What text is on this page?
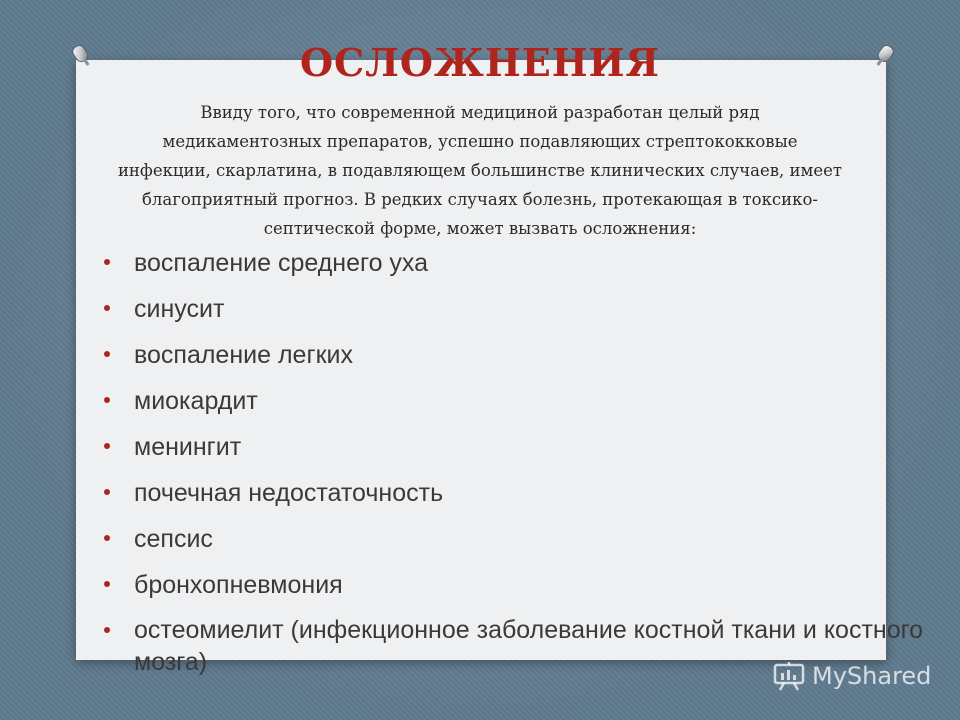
ОСЛОЖНЕНИЯ

Ввиду того, что современной медициной разработан целый ряд
медикаментозных препаратов, успешно подавляющих стрептококковые
инфекции, скарлатина, в подавляющем большинстве клинических случаев, имеет
благоприятный прогноз. В редких случаях болезнь, протекающая в токсико-
септической форме, может вызвать осложнения:

воспаление среднего уха
синусит
воспаление легких
миокардит
менингит
почечная недостаточность
сепсис
бронхопневмония
остеомиелит (инфекционное заболевание костной ткани и костного мозга)	MyShared
